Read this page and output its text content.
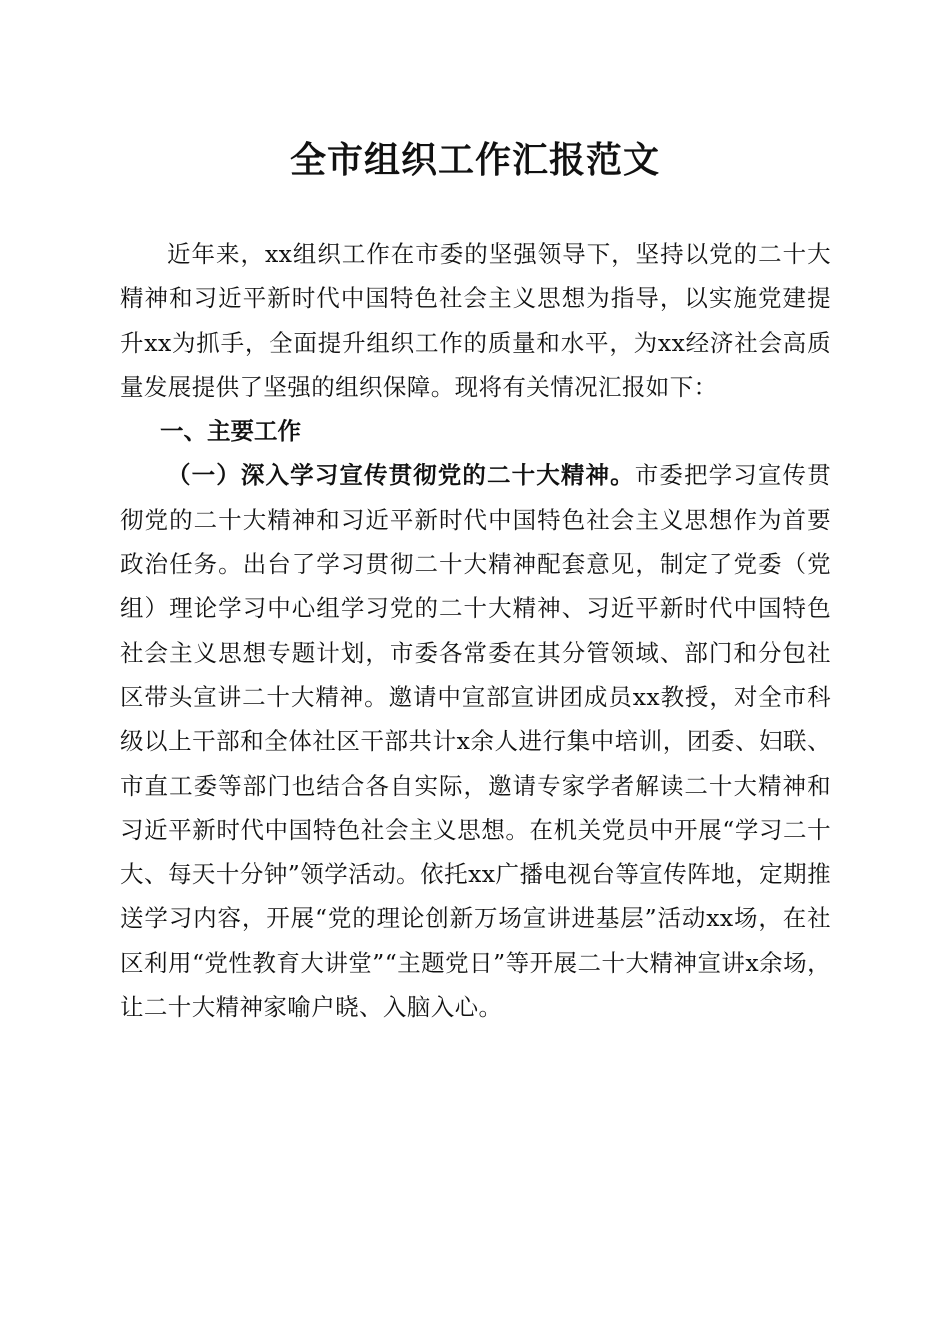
全市组织工作汇报范文

近年来，xx组织工作在市委的坚强领导下，坚持以党的二十大精神和习近平新时代中国特色社会主义思想为指导，以实施党建提升xx为抓手，全面提升组织工作的质量和水平，为xx经济社会高质量发展提供了坚强的组织保障。现将有关情况汇报如下：

一、主要工作

（一）深入学习宣传贯彻党的二十大精神。市委把学习宣传贯彻党的二十大精神和习近平新时代中国特色社会主义思想作为首要政治任务。出台了学习贯彻二十大精神配套意见，制定了党委（党组）理论学习中心组学习党的二十大精神、习近平新时代中国特色社会主义思想专题计划，市委各常委在其分管领域、部门和分包社区带头宣讲二十大精神。邀请中宣部宣讲团成员xx教授，对全市科级以上干部和全体社区干部共计x余人进行集中培训，团委、妇联、市直工委等部门也结合各自实际，邀请专家学者解读二十大精神和习近平新时代中国特色社会主义思想。在机关党员中开展“学习二十大、每天十分钟”领学活动。依托xx广播电视台等宣传阵地，定期推送学习内容，开展“党的理论创新万场宣讲进基层”活动xx场，在社区利用“党性教育大讲堂”“主题党日”等开展二十大精神宣讲x余场，让二十大精神家喻户晓、入脑入心。
